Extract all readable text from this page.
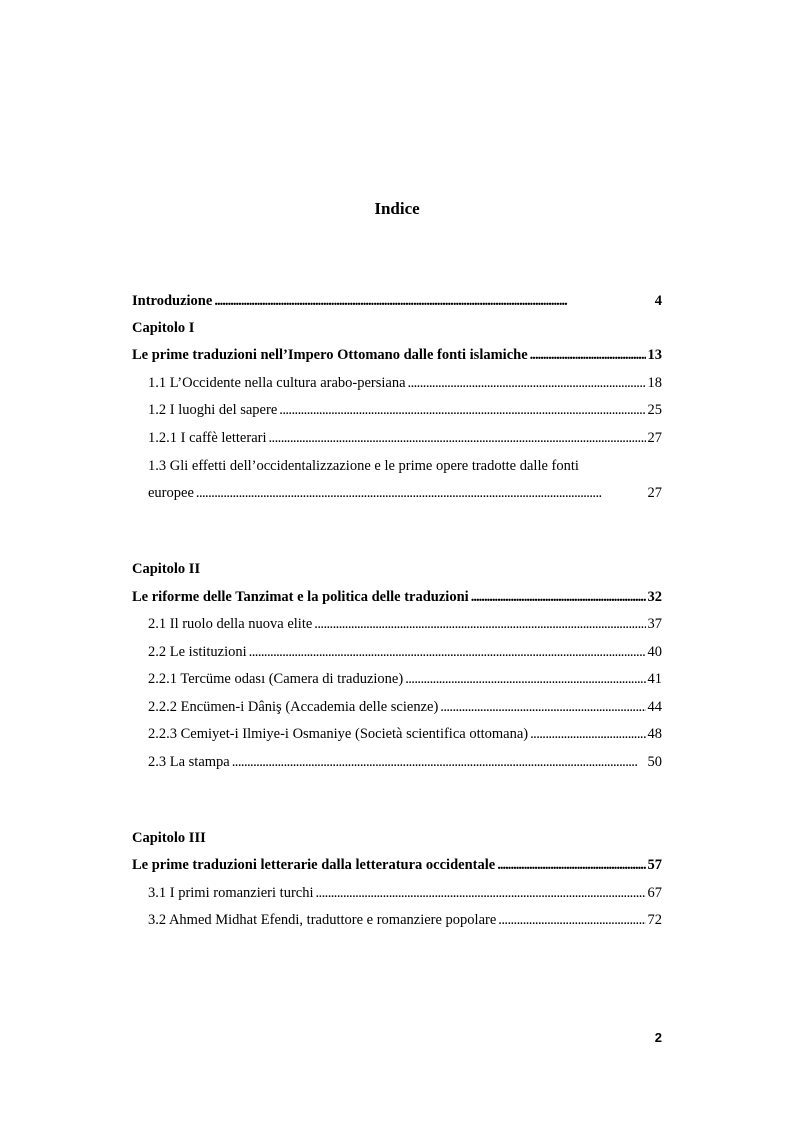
Indice
Introduzione . . .	4
Capitolo I
Le prime traduzioni nell’Impero Ottomano dalle fonti islamiche . . .	13
1.1 L’Occidente nella cultura arabo-persiana . . .	18
1.2 I luoghi del sapere . . .	25
1.2.1 I caffè letterari . . .	27
1.3 Gli effetti dell’occidentalizzazione e le prime opere tradotte dalle fonti
europee . . .	27
Capitolo II
Le riforme delle Tanzimat e la politica delle traduzioni . . .	32
2.1 Il ruolo della nuova elite . . .	37
2.2 Le istituzioni . . .	40
2.2.1 Tercüme odası (Camera di traduzione) . . .	41
2.2.2 Encümen-i Dâniş (Accademia delle scienze) . . .	44
2.2.3 Cemiyet-i Ilmiye-i Osmaniye (Società scientifica ottomana) . . .	48
2.3 La stampa . . .	50
Capitolo III
Le prime traduzioni letterarie dalla letteratura occidentale . . .	57
3.1 I primi romanzieri turchi . . .	67
3.2 Ahmed Midhat Efendi, traduttore e romanziere popolare . . .	72
2
